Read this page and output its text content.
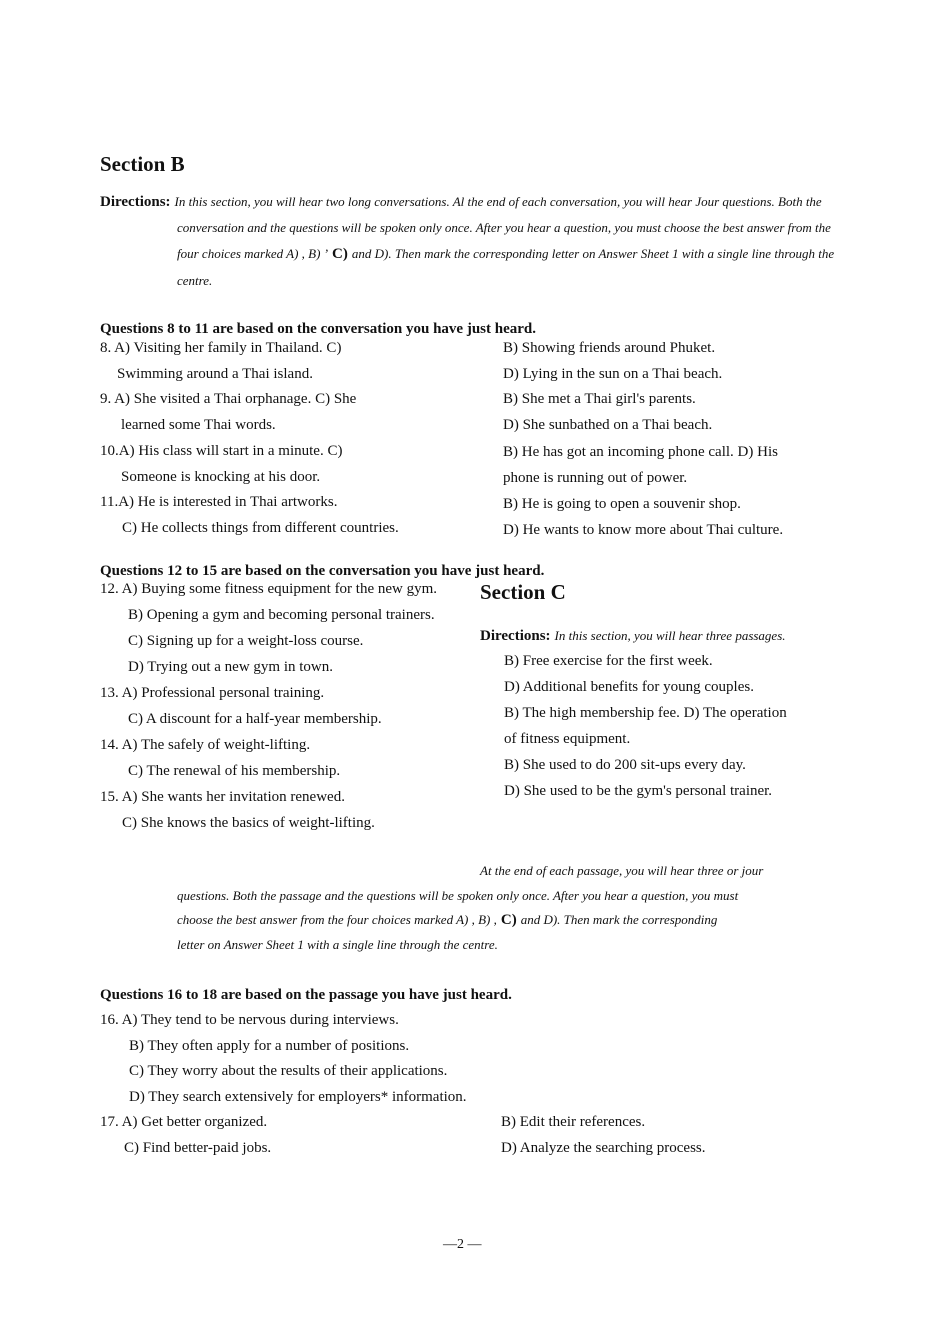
Section B
Directions: In this section, you will hear two long conversations. Al the end of each conversation, you will hear Jour questions. Both the
conversation and the questions will be spoken only once. After you hear a question, you must choose the best answer from the
four choices marked A) , B) ’ C) and D). Then mark the corresponding letter on Answer Sheet 1 with a single line through the
centre.
Questions 8 to 11 are based on the conversation you have just heard.
8. A) Visiting her family in Thailand. C)
Swimming around a Thai island.
9. A) She visited a Thai orphanage. C) She
learned some Thai words.
10.A) His class will start in a minute. C)
Someone is knocking at his door.
11.A) He is interested in Thai artworks.
C) He collects things from different countries.
B) Showing friends around Phuket.
D) Lying in the sun on a Thai beach.
B) She met a Thai girl's parents.
D) She sunbathed on a Thai beach.
B) He has got an incoming phone call. D) His
phone is running out of power.
B) He is going to open a souvenir shop.
D) He wants to know more about Thai culture.
Questions 12 to 15 are based on the conversation you have just heard.
12. A) Buying some fitness equipment for the new gym.
B) Opening a gym and becoming personal trainers.
C) Signing up for a weight-loss course.
D) Trying out a new gym in town.
13. A) Professional personal training.
C) A discount for a half-year membership.
14. A) The safely of weight-lifting.
C) The renewal of his membership.
15. A) She wants her invitation renewed.
C) She knows the basics of weight-lifting.
Section C
Directions: In this section, you will hear three passages.
B) Free exercise for the first week.
D) Additional benefits for young couples.
B) The high membership fee. D) The operation
of fitness equipment.
B) She used to do 200 sit-ups every day.
D) She used to be the gym's personal trainer.
At the end of each passage, you will hear three or jour
questions. Both the passage and the questions will be spoken only once. After you hear a question, you must
choose the best answer from the four choices marked A) , B) , C) and D). Then mark the corresponding
letter on Answer Sheet 1 with a single line through the centre.
Questions 16 to 18 are based on the passage you have just heard.
16. A) They tend to be nervous during interviews.
B) They often apply for a number of positions.
C) They worry about the results of their applications.
D) They search extensively for employers* information.
17. A) Get better organized.
C) Find better-paid jobs.
B) Edit their references.
D) Analyze the searching process.
—2 —
